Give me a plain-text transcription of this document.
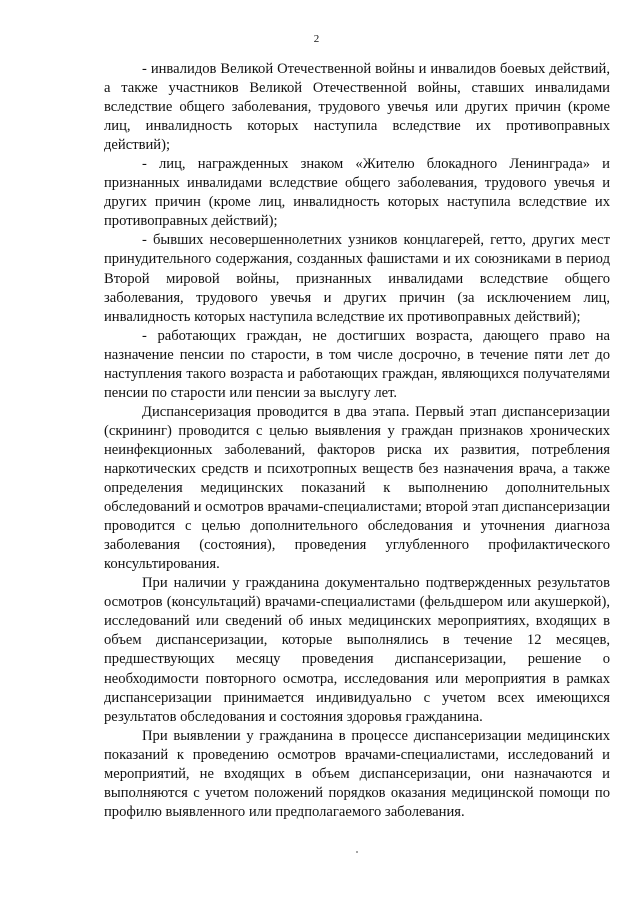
2

- инвалидов Великой Отечественной войны и инвалидов боевых действий, а также участников Великой Отечественной войны, ставших инвалидами вследствие общего заболевания, трудового увечья или других причин (кроме лиц, инвалидность которых наступила вследствие их противоправных действий);

- лиц, награжденных знаком «Жителю блокадного Ленинграда» и признанных инвалидами вследствие общего заболевания, трудового увечья и других причин (кроме лиц, инвалидность которых наступила вследствие их противоправных действий);

- бывших несовершеннолетних узников концлагерей, гетто, других мест принудительного содержания, созданных фашистами и их союзниками в период Второй мировой войны, признанных инвалидами вследствие общего заболевания, трудового увечья и других причин (за исключением лиц, инвалидность которых наступила вследствие их противоправных действий);

- работающих граждан, не достигших возраста, дающего право на назначение пенсии по старости, в том числе досрочно, в течение пяти лет до наступления такого возраста и работающих граждан, являющихся получателями пенсии по старости или пенсии за выслугу лет.

Диспансеризация проводится в два этапа. Первый этап диспансеризации (скрининг) проводится с целью выявления у граждан признаков хронических неинфекционных заболеваний, факторов риска их развития, потребления наркотических средств и психотропных веществ без назначения врача, а также определения медицинских показаний к выполнению дополнительных обследований и осмотров врачами-специалистами; второй этап диспансеризации проводится с целью дополнительного обследования и уточнения диагноза заболевания (состояния), проведения углубленного профилактического консультирования.

При наличии у гражданина документально подтвержденных результатов осмотров (консультаций) врачами-специалистами (фельдшером или акушеркой), исследований или сведений об иных медицинских мероприятиях, входящих в объем диспансеризации, которые выполнялись в течение 12 месяцев, предшествующих месяцу проведения диспансеризации, решение о необходимости повторного осмотра, исследования или мероприятия в рамках диспансеризации принимается индивидуально с учетом всех имеющихся результатов обследования и состояния здоровья гражданина.

При выявлении у гражданина в процессе диспансеризации медицинских показаний к проведению осмотров врачами-специалистами, исследований и мероприятий, не входящих в объем диспансеризации, они назначаются и выполняются с учетом положений порядков оказания медицинской помощи по профилю выявленного или предполагаемого заболевания.
